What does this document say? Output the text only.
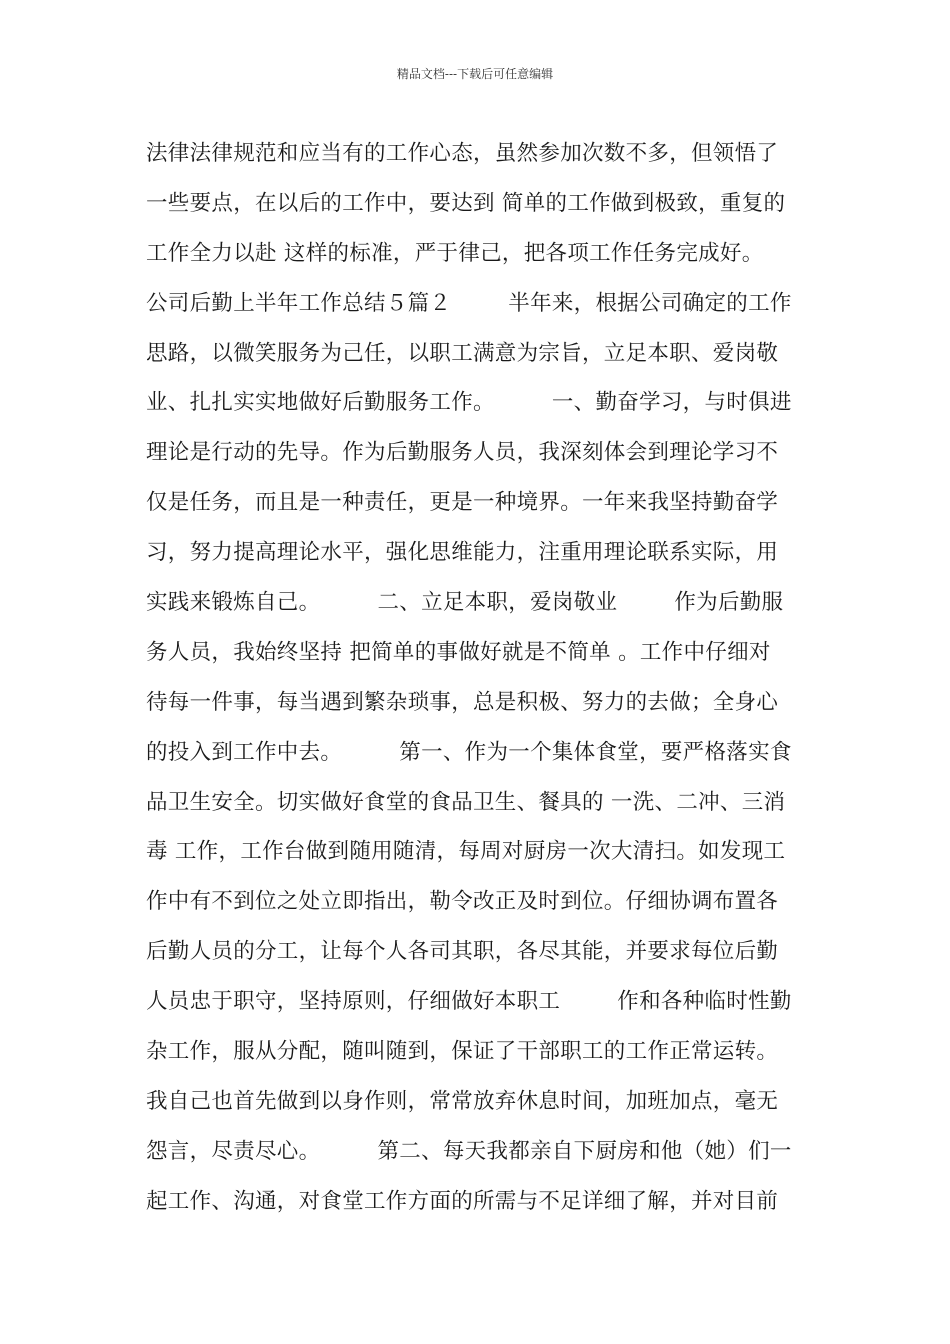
精品文档---下载后可任意编辑
法律法律规范和应当有的工作心态，虽然参加次数不多，但领悟了
一些要点，在以后的工作中，要达到 简单的工作做到极致，重复的
工作全力以赴 这样的标准，严于律己，把各项工作任务完成好。
公司后勤上半年工作总结５篇２        半年来，根据公司确定的工作
思路，以微笑服务为己任，以职工满意为宗旨，立足本职、爱岗敬
业、扎扎实实地做好后勤服务工作。        一、勤奋学习，与时俱进
理论是行动的先导。作为后勤服务人员，我深刻体会到理论学习不
仅是任务，而且是一种责任，更是一种境界。一年来我坚持勤奋学
习，努力提高理论水平，强化思维能力，注重用理论联系实际，用
实践来锻炼自己。        二、立足本职，爱岗敬业        作为后勤服
务人员，我始终坚持 把简单的事做好就是不简单 。工作中仔细对
待每一件事，每当遇到繁杂琐事，总是积极、努力的去做；全身心
的投入到工作中去。        第一、作为一个集体食堂，要严格落实食
品卫生安全。切实做好食堂的食品卫生、餐具的 一洗、二冲、三消
毒 工作，工作台做到随用随清，每周对厨房一次大清扫。如发现工
作中有不到位之处立即指出，勒令改正及时到位。仔细协调布置各
后勤人员的分工，让每个人各司其职，各尽其能，并要求每位后勤
人员忠于职守，坚持原则，仔细做好本职工        作和各种临时性勤
杂工作，服从分配，随叫随到，保证了干部职工的工作正常运转。
我自己也首先做到以身作则，常常放弃休息时间，加班加点，毫无
怨言，尽责尽心。        第二、每天我都亲自下厨房和他（她）们一
起工作、沟通，对食堂工作方面的所需与不足详细了解，并对目前
